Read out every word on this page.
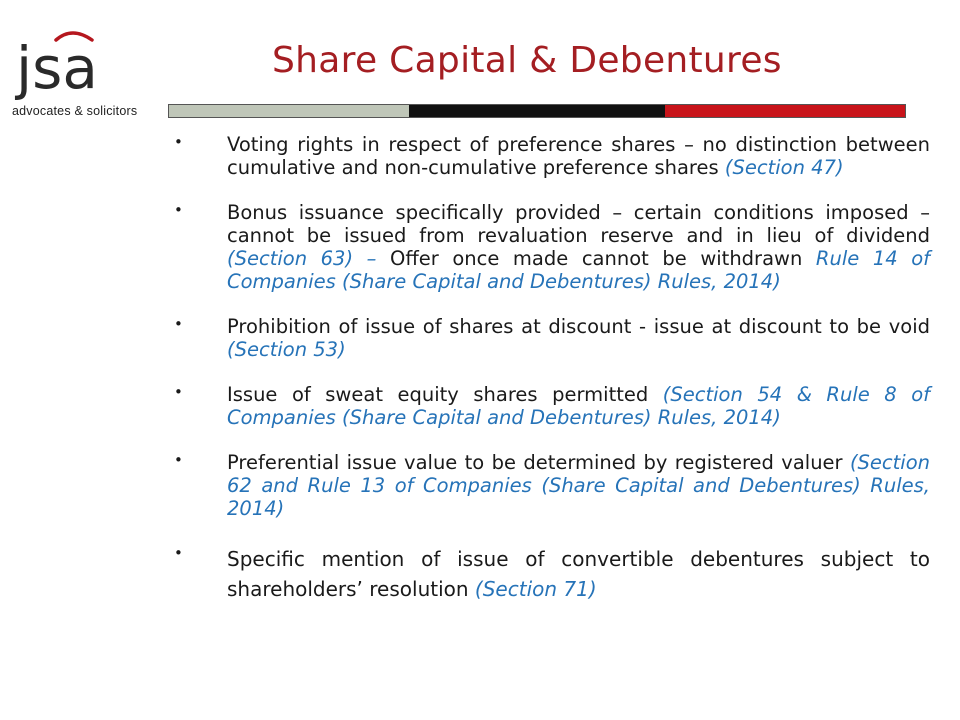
jsa
advocates & solicitors
Share Capital & Debentures
• Voting rights in respect of preference shares – no distinction between cumulative and non-cumulative preference shares (Section 47)
• Bonus issuance specifically provided – certain conditions imposed – cannot be issued from revaluation reserve and in lieu of dividend (Section 63) – Offer once made cannot be withdrawn Rule 14 of Companies (Share Capital and Debentures) Rules, 2014)
• Prohibition of issue of shares at discount - issue at discount to be void (Section 53)
• Issue of sweat equity shares permitted (Section 54 & Rule 8 of Companies (Share Capital and Debentures) Rules, 2014)
• Preferential issue value to be determined by registered valuer (Section 62 and Rule 13 of Companies (Share Capital and Debentures) Rules, 2014)
• Specific mention of issue of convertible debentures subject to shareholders’ resolution (Section 71)
